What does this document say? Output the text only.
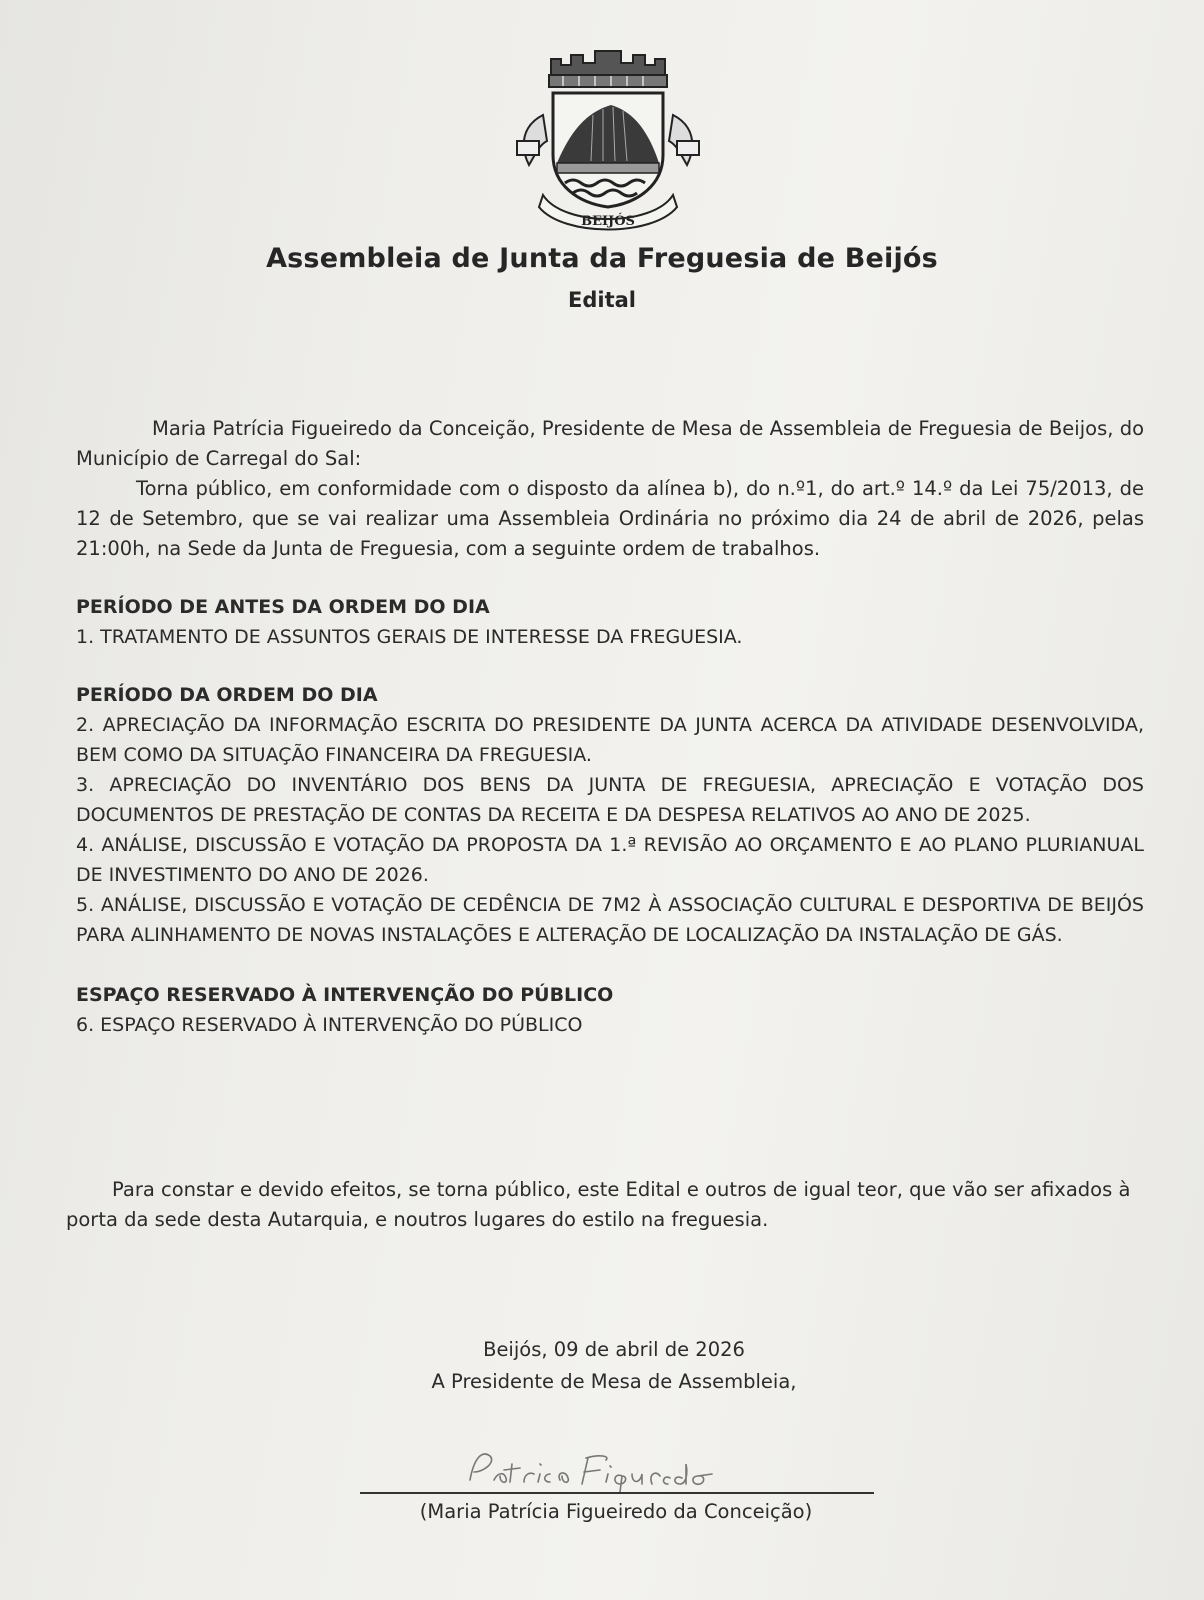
BEIJÓS
Assembleia de Junta da Freguesia de Beijós
Edital
Maria Patrícia Figueiredo da Conceição, Presidente de Mesa de Assembleia de Freguesia de Beijos, do Município de Carregal do Sal:
Torna público, em conformidade com o disposto da alínea b), do n.º1, do art.º 14.º da Lei 75/2013, de 12 de Setembro, que se vai realizar uma Assembleia Ordinária no próximo dia 24 de abril de 2026, pelas 21:00h, na Sede da Junta de Freguesia, com a seguinte ordem de trabalhos.
PERÍODO DE ANTES DA ORDEM DO DIA
1. TRATAMENTO DE ASSUNTOS GERAIS DE INTERESSE DA FREGUESIA.
PERÍODO DA ORDEM DO DIA
2. APRECIAÇÃO DA INFORMAÇÃO ESCRITA DO PRESIDENTE DA JUNTA ACERCA DA ATIVIDADE DESENVOLVIDA, BEM COMO DA SITUAÇÃO FINANCEIRA DA FREGUESIA.
3. APRECIAÇÃO DO INVENTÁRIO DOS BENS DA JUNTA DE FREGUESIA, APRECIAÇÃO E VOTAÇÃO DOS DOCUMENTOS DE PRESTAÇÃO DE CONTAS DA RECEITA E DA DESPESA RELATIVOS AO ANO DE 2025.
4. ANÁLISE, DISCUSSÃO E VOTAÇÃO DA PROPOSTA DA 1.ª REVISÃO AO ORÇAMENTO E AO PLANO PLURIANUAL DE INVESTIMENTO DO ANO DE 2026.
5. ANÁLISE, DISCUSSÃO E VOTAÇÃO DE CEDÊNCIA DE 7M2 À ASSOCIAÇÃO CULTURAL E DESPORTIVA DE BEIJÓS PARA ALINHAMENTO DE NOVAS INSTALAÇÕES E ALTERAÇÃO DE LOCALIZAÇÃO DA INSTALAÇÃO DE GÁS.
ESPAÇO RESERVADO À INTERVENÇÃO DO PÚBLICO
6. ESPAÇO RESERVADO À INTERVENÇÃO DO PÚBLICO
Para constar e devido efeitos, se torna público, este Edital e outros de igual teor, que vão ser afixados à porta da sede desta Autarquia, e noutros lugares do estilo na freguesia.
Beijós, 09 de abril de 2026
A Presidente de Mesa de Assembleia,
(Maria Patrícia Figueiredo da Conceição)
